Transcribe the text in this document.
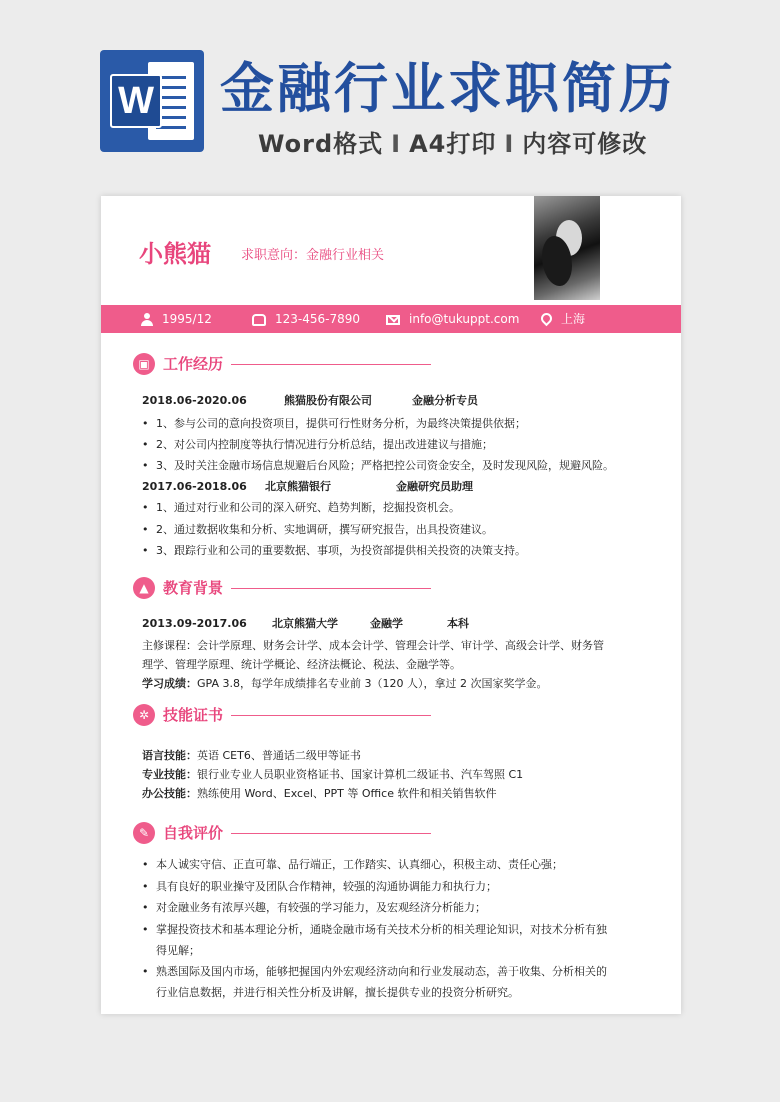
W 金融行业求职简历
Word格式 I A4打印 I 内容可修改
小熊猫 求职意向：金融行业相关
1995/12	123-456-7890	info@tukuppt.com	上海
▣ 工作经历
2018.06-2020.06	熊猫股份有限公司	金融分析专员
1、参与公司的意向投资项目，提供可行性财务分析，为最终决策提供依据；
2、对公司内控制度等执行情况进行分析总结，提出改进建议与措施；
3、及时关注金融市场信息规避后台风险；严格把控公司资金安全，及时发现风险，规避风险。
2017.06-2018.06 北京熊猫银行	金融研究员助理
1、通过对行业和公司的深入研究、趋势判断，挖掘投资机会。
2、通过数据收集和分析、实地调研，撰写研究报告，出具投资建议。
3、跟踪行业和公司的重要数据、事项，为投资部提供相关投资的决策支持。
▲ 教育背景
2013.09-2017.06 北京熊猫大学	金融学	本科
主修课程：会计学原理、财务会计学、成本会计学、管理会计学、审计学、高级会计学、财务管
理学、管理学原理、统计学概论、经济法概论、税法、金融学等。
学习成绩：GPA 3.8，每学年成绩排名专业前 3（120 人），拿过 2 次国家奖学金。
✲ 技能证书
语言技能：英语 CET6、普通话二级甲等证书
专业技能：银行业专业人员职业资格证书、国家计算机二级证书、汽车驾照 C1
办公技能：熟练使用 Word、Excel、PPT 等 Office 软件和相关销售软件
✎ 自我评价
本人诚实守信、正直可靠、品行端正，工作踏实、认真细心，积极主动、责任心强；
具有良好的职业操守及团队合作精神，较强的沟通协调能力和执行力；
对金融业务有浓厚兴趣，有较强的学习能力，及宏观经济分析能力；
掌握投资技术和基本理论分析，通晓金融市场有关技术分析的相关理论知识，对技术分析有独
得见解；
熟悉国际及国内市场，能够把握国内外宏观经济动向和行业发展动态，善于收集、分析相关的
行业信息数据，并进行相关性分析及讲解，擅长提供专业的投资分析研究。
